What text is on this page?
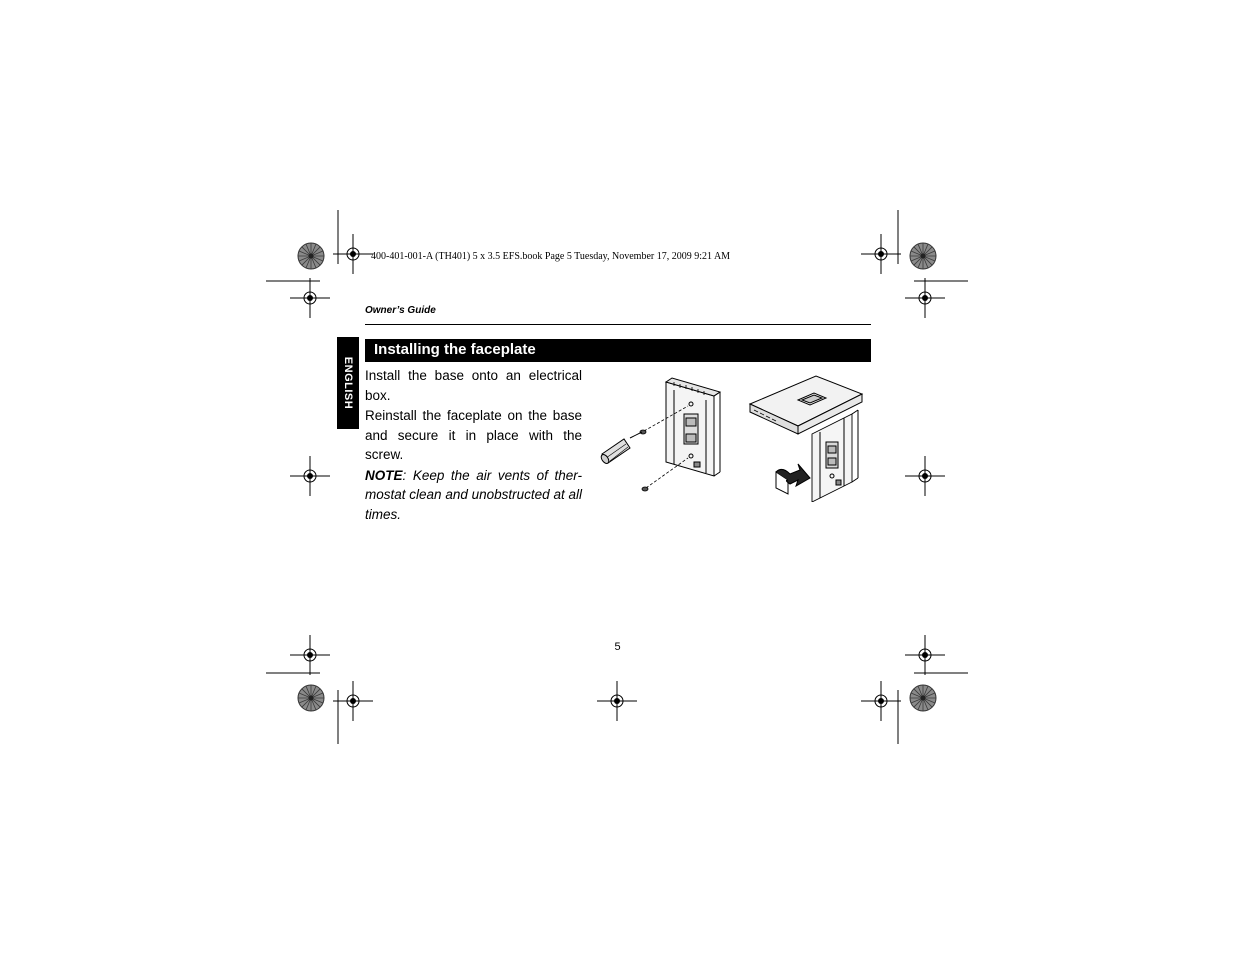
400-401-001-A (TH401) 5 x 3.5 EFS.book Page 5 Tuesday, November 17, 2009 9:21 AM
Owner’s Guide
ENGLISH
Installing the faceplate

Install the base onto an electrical box.

Reinstall the faceplate on the base and secure it in place with the screw.

NOTE: Keep the air vents of ther-mostat clean and unobstructed at all times.

5
